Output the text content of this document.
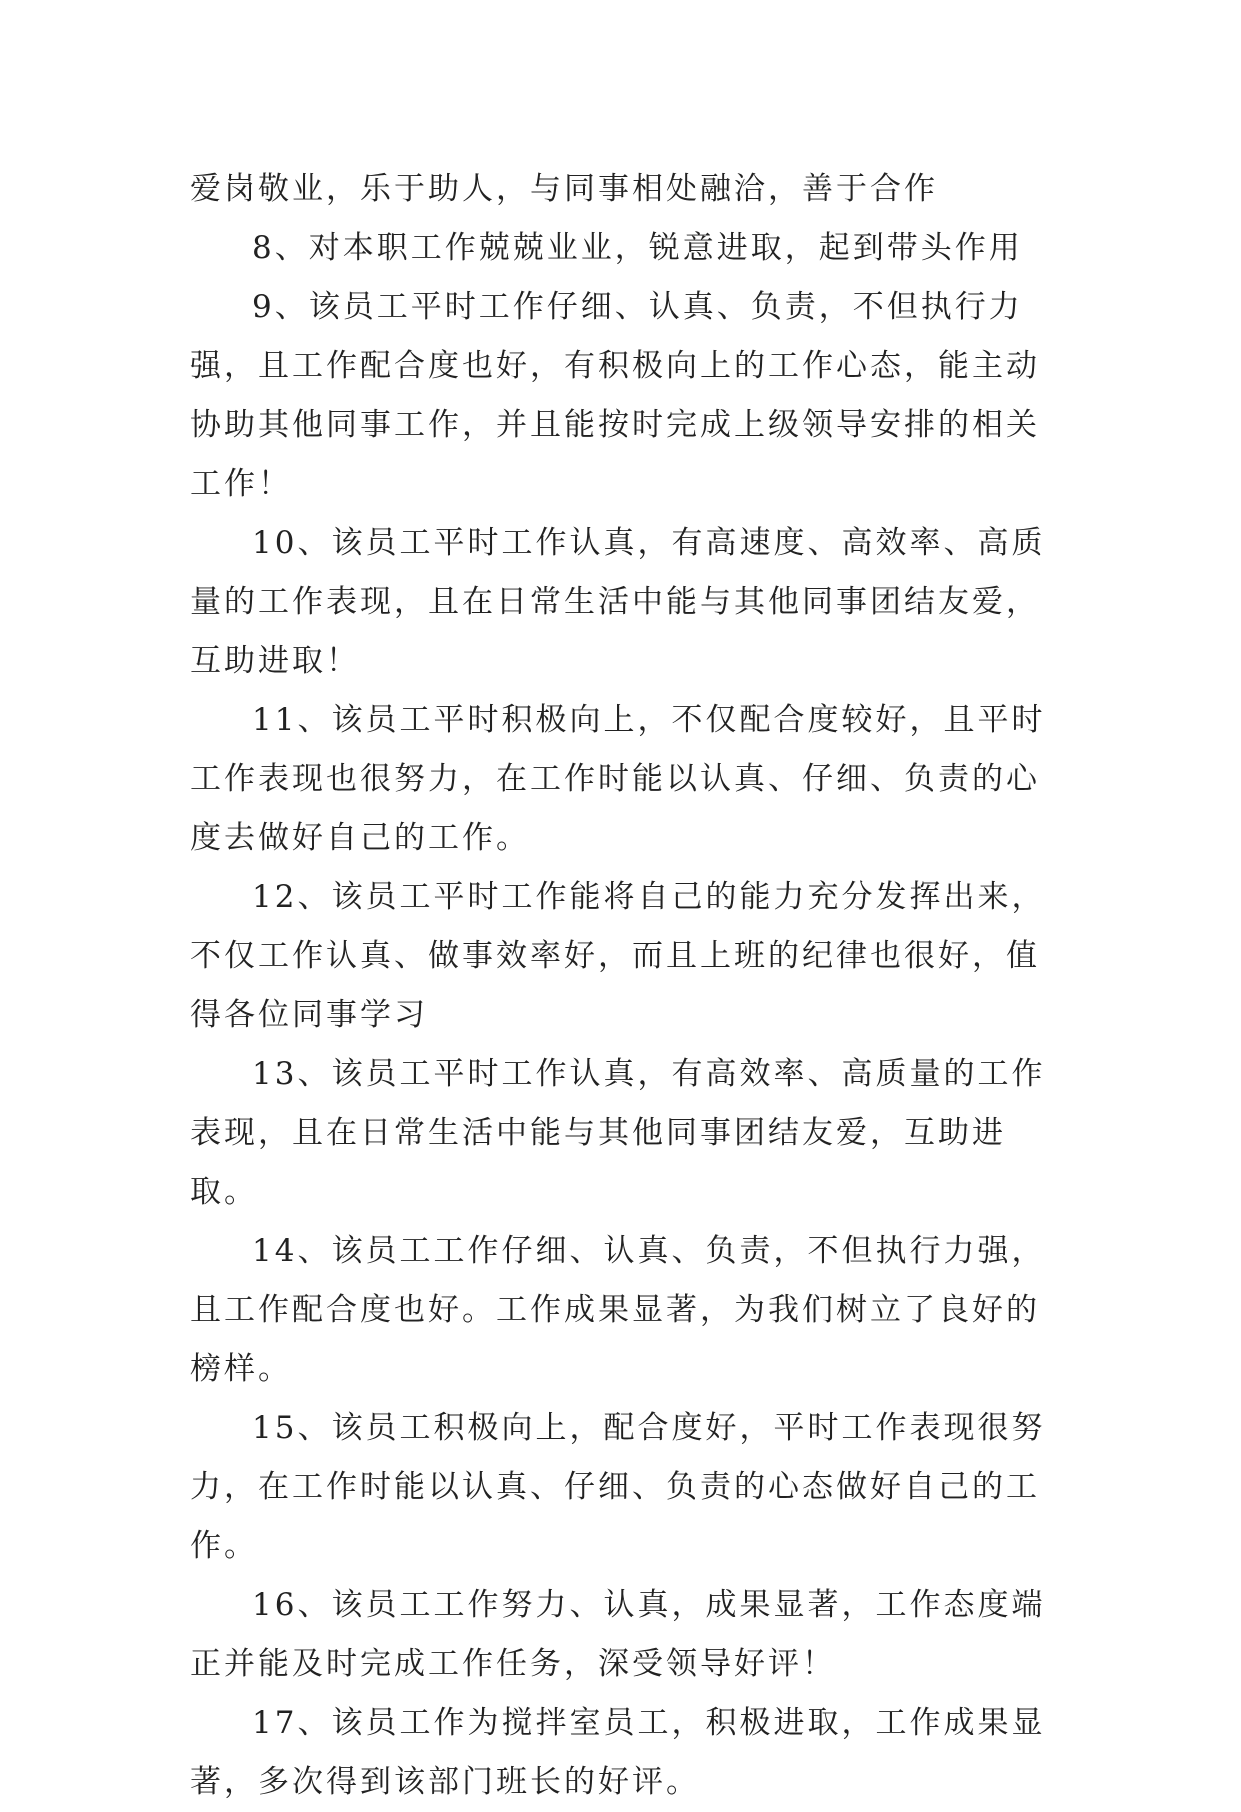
爱岗敬业，乐于助人，与同事相处融洽，善于合作

8、对本职工作兢兢业业，锐意进取，起到带头作用

9、该员工平时工作仔细、认真、负责，不但执行力强，且工作配合度也好，有积极向上的工作心态，能主动协助其他同事工作，并且能按时完成上级领导安排的相关工作！

10、该员工平时工作认真，有高速度、高效率、高质量的工作表现，且在日常生活中能与其他同事团结友爱，互助进取！

11、该员工平时积极向上，不仅配合度较好，且平时工作表现也很努力，在工作时能以认真、仔细、负责的心度去做好自己的工作。

12、该员工平时工作能将自己的能力充分发挥出来，不仅工作认真、做事效率好，而且上班的纪律也很好，值得各位同事学习

13、该员工平时工作认真，有高效率、高质量的工作表现，且在日常生活中能与其他同事团结友爱，互助进取。

14、该员工工作仔细、认真、负责，不但执行力强，且工作配合度也好。工作成果显著，为我们树立了良好的榜样。

15、该员工积极向上，配合度好，平时工作表现很努力，在工作时能以认真、仔细、负责的心态做好自己的工作。

16、该员工工作努力、认真，成果显著，工作态度端正并能及时完成工作任务，深受领导好评！

17、该员工作为搅拌室员工，积极进取，工作成果显著，多次得到该部门班长的好评。
